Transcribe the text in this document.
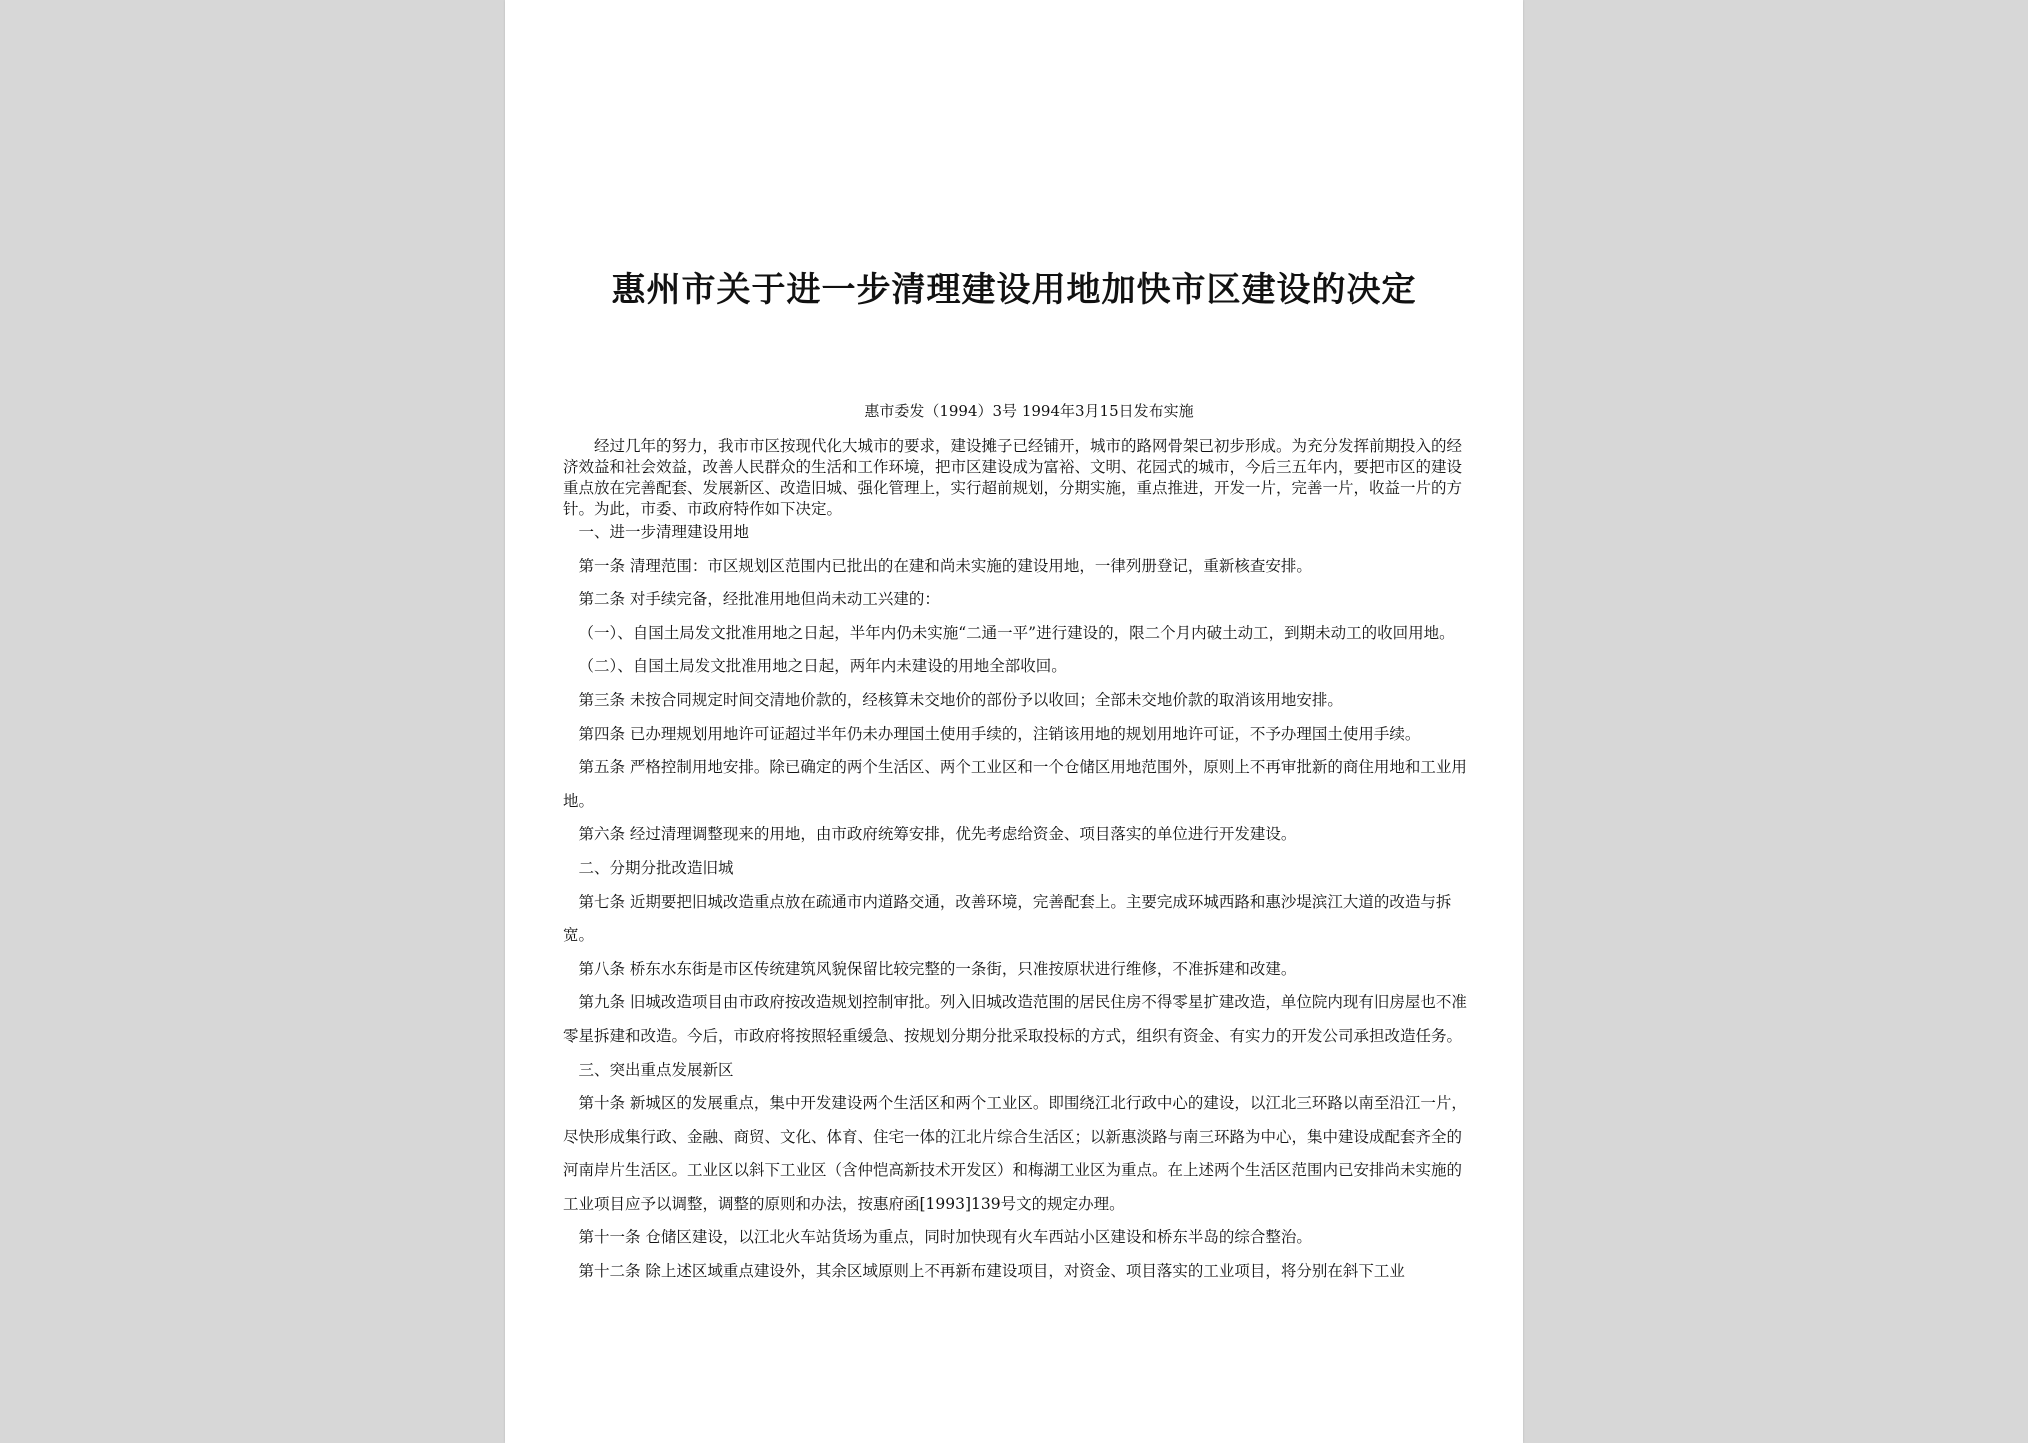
惠州市关于进一步清理建设用地加快市区建设的决定
惠市委发（1994）3号 1994年3月15日发布实施

经过几年的努力，我市市区按现代化大城市的要求，建设摊子已经铺开，城市的路网骨架已初步形成。为充分发挥前期投入的经济效益和社会效益，改善人民群众的生活和工作环境，把市区建设成为富裕、文明、花园式的城市，今后三五年内，要把市区的建设重点放在完善配套、发展新区、改造旧城、强化管理上，实行超前规划，分期实施，重点推进，开发一片，完善一片，收益一片的方针。为此，市委、市政府特作如下决定。

一、进一步清理建设用地

第一条 清理范围：市区规划区范围内已批出的在建和尚未实施的建设用地，一律列册登记，重新核查安排。

第二条 对手续完备，经批准用地但尚未动工兴建的：

（一）、自国土局发文批准用地之日起，半年内仍未实施“二通一平”进行建设的，限二个月内破土动工，到期未动工的收回用地。

（二）、自国土局发文批准用地之日起，两年内未建设的用地全部收回。

第三条 未按合同规定时间交清地价款的，经核算未交地价的部份予以收回；全部未交地价款的取消该用地安排。

第四条 已办理规划用地许可证超过半年仍未办理国土使用手续的，注销该用地的规划用地许可证，不予办理国土使用手续。

第五条 严格控制用地安排。除已确定的两个生活区、两个工业区和一个仓储区用地范围外，原则上不再审批新的商住用地和工业用地。

第六条 经过清理调整现来的用地，由市政府统筹安排，优先考虑给资金、项目落实的单位进行开发建设。

二、分期分批改造旧城

第七条 近期要把旧城改造重点放在疏通市内道路交通，改善环境，完善配套上。主要完成环城西路和惠沙堤滨江大道的改造与拆宽。

第八条 桥东水东街是市区传统建筑风貌保留比较完整的一条街，只准按原状进行维修，不准拆建和改建。

第九条 旧城改造项目由市政府按改造规划控制审批。列入旧城改造范围的居民住房不得零星扩建改造，单位院内现有旧房屋也不准零星拆建和改造。今后，市政府将按照轻重缓急、按规划分期分批采取投标的方式，组织有资金、有实力的开发公司承担改造任务。

三、突出重点发展新区

第十条 新城区的发展重点，集中开发建设两个生活区和两个工业区。即围绕江北行政中心的建设，以江北三环路以南至沿江一片，尽快形成集行政、金融、商贸、文化、体育、住宅一体的江北片综合生活区；以新惠淡路与南三环路为中心，集中建设成配套齐全的河南岸片生活区。工业区以斜下工业区（含仲恺高新技术开发区）和梅湖工业区为重点。在上述两个生活区范围内已安排尚未实施的工业项目应予以调整，调整的原则和办法，按惠府函[1993]139号文的规定办理。

第十一条 仓储区建设，以江北火车站货场为重点，同时加快现有火车西站小区建设和桥东半岛的综合整治。

第十二条 除上述区域重点建设外，其余区域原则上不再新布建设项目，对资金、项目落实的工业项目，将分别在斜下工业
